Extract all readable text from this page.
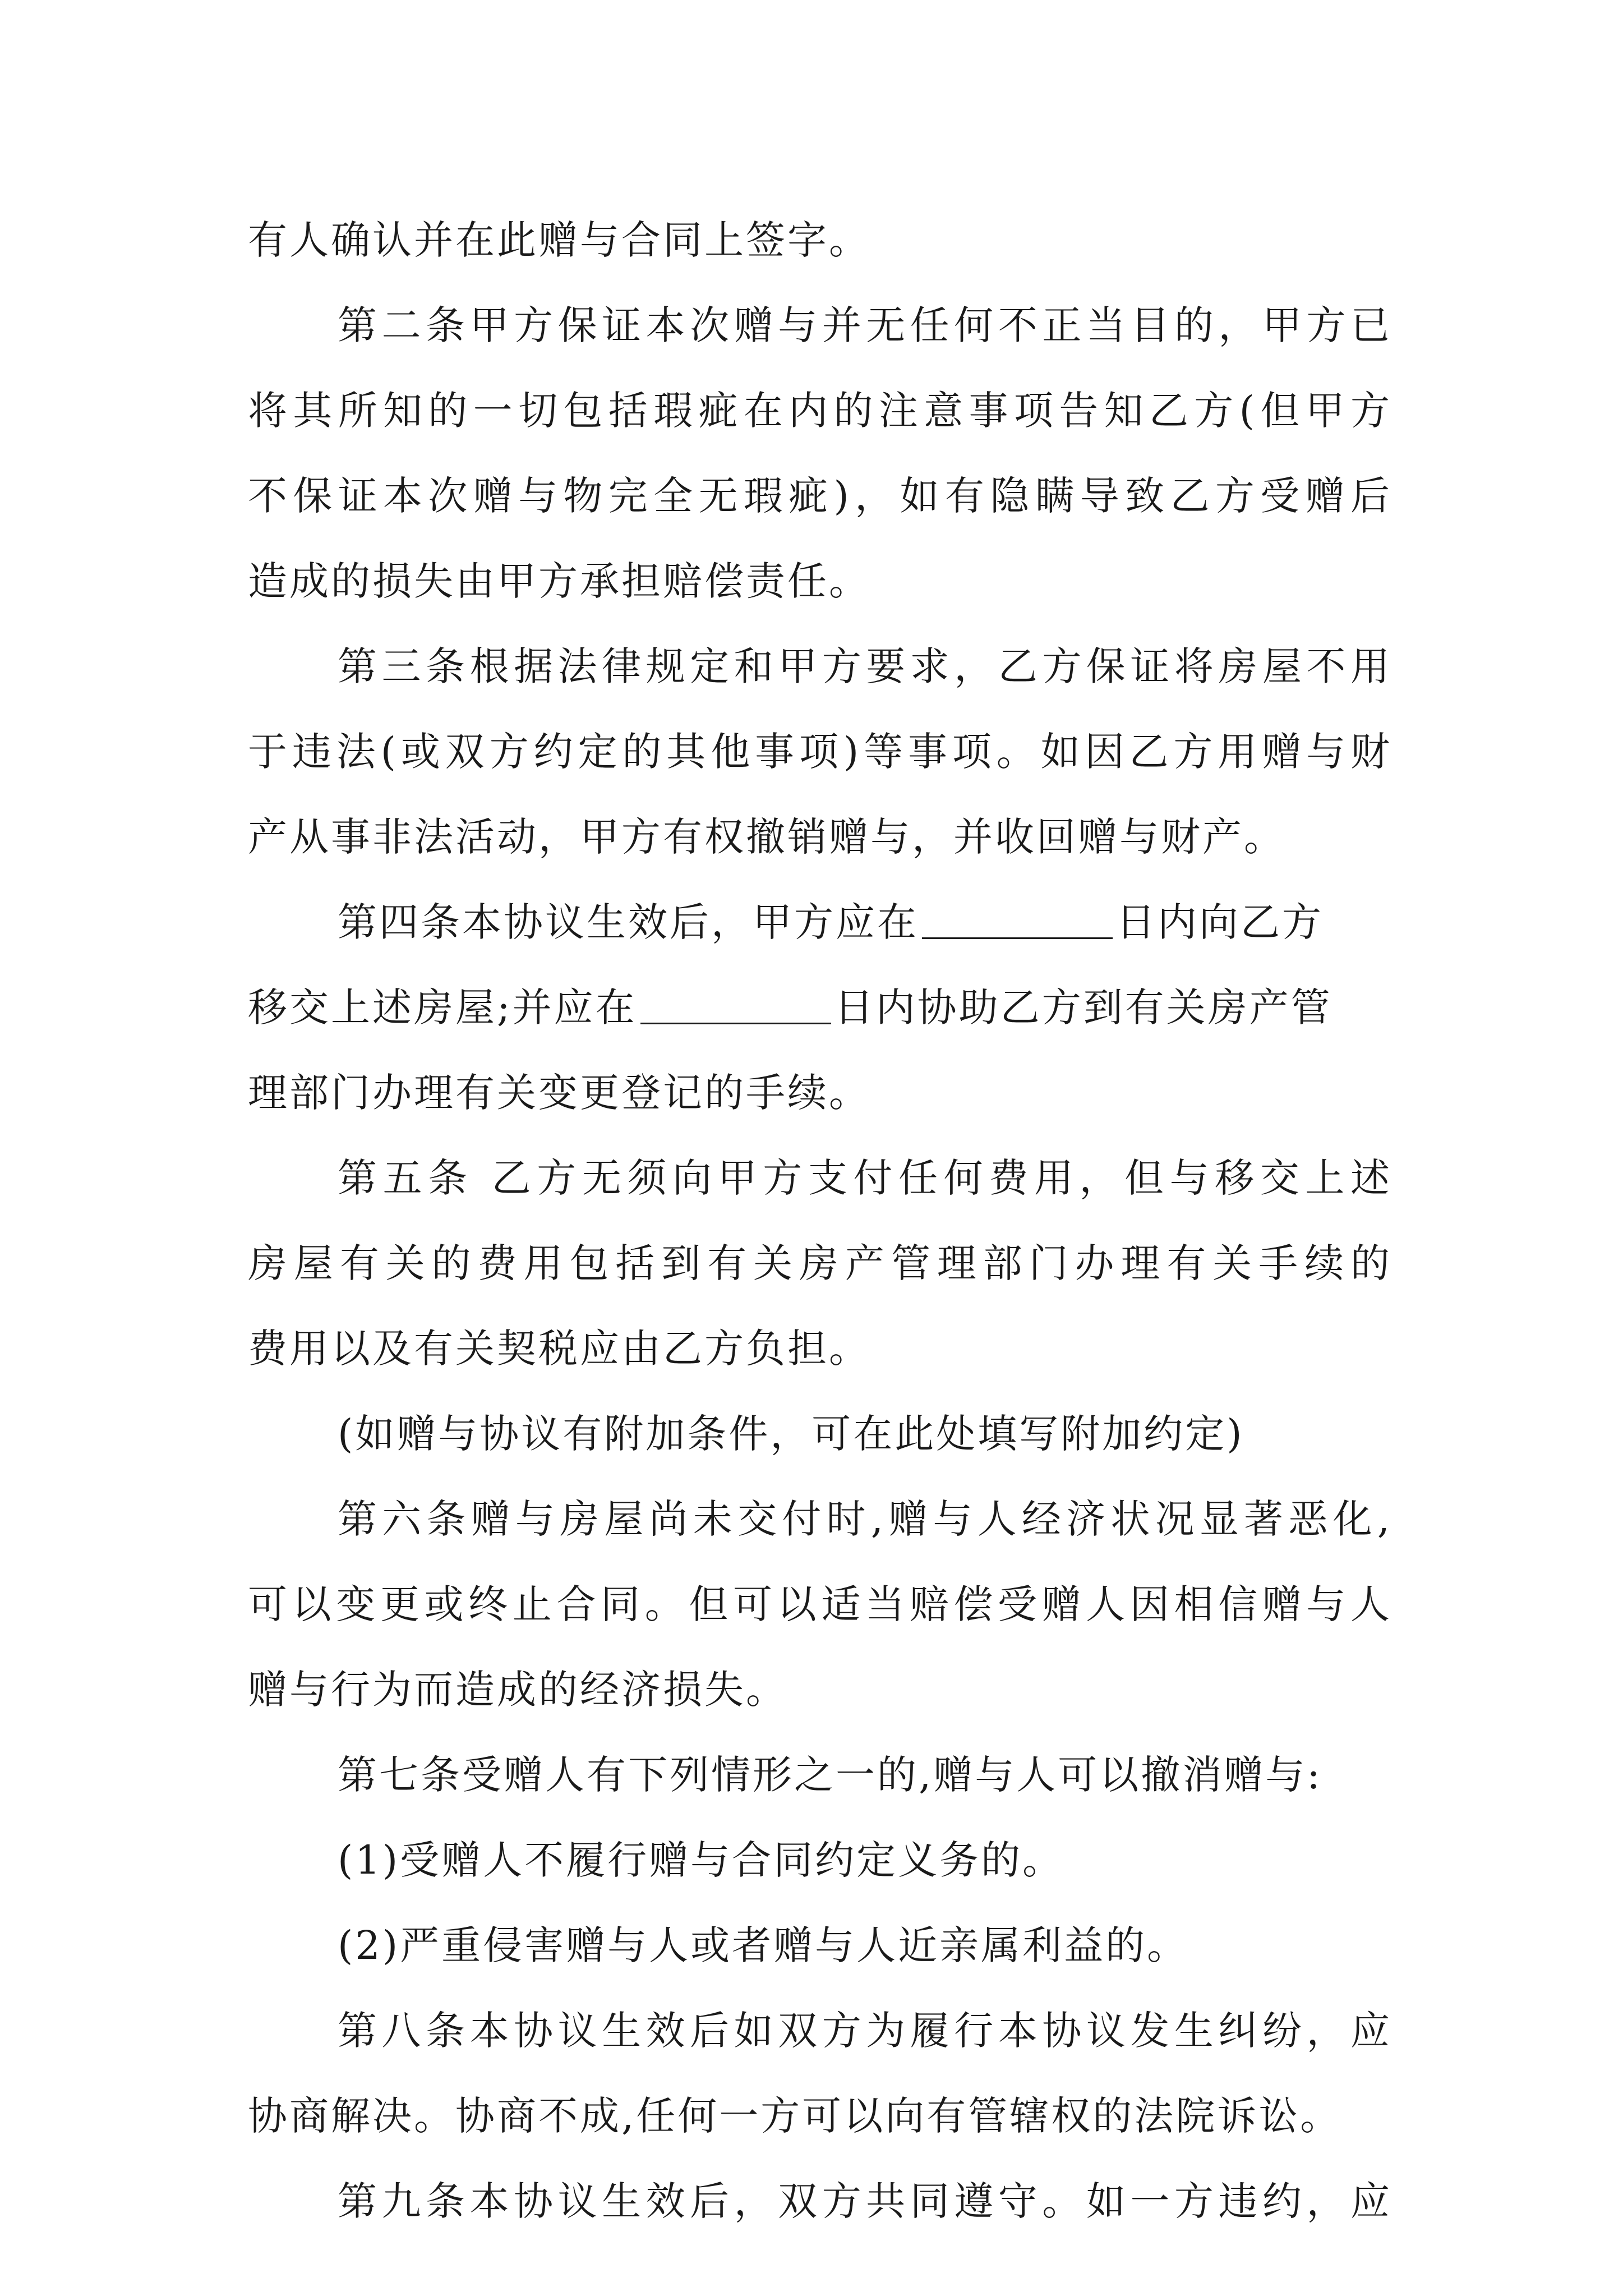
有人确认并在此赠与合同上签字。
第二条甲方保证本次赠与并无任何不正当目的，甲方已
将其所知的一切包括瑕疵在内的注意事项告知乙方(但甲方
不保证本次赠与物完全无瑕疵)，如有隐瞒导致乙方受赠后
造成的损失由甲方承担赔偿责任。
第三条根据法律规定和甲方要求，乙方保证将房屋不用
于违法(或双方约定的其他事项)等事项。如因乙方用赠与财
产从事非法活动，甲方有权撤销赠与，并收回赠与财产。
第四条本协议生效后，甲方应在	日内向乙方
移交上述房屋;并应在	日内协助乙方到有关房产管
理部门办理有关变更登记的手续。
第五条 乙方无须向甲方支付任何费用，但与移交上述
房屋有关的费用包括到有关房产管理部门办理有关手续的
费用以及有关契税应由乙方负担。
(如赠与协议有附加条件，可在此处填写附加约定)
第六条赠与房屋尚未交付时,赠与人经济状况显著恶化,
可以变更或终止合同。但可以适当赔偿受赠人因相信赠与人
赠与行为而造成的经济损失。
第七条受赠人有下列情形之一的,赠与人可以撤消赠与:
(1)受赠人不履行赠与合同约定义务的。
(2)严重侵害赠与人或者赠与人近亲属利益的。
第八条本协议生效后如双方为履行本协议发生纠纷，应
协商解决。协商不成,任何一方可以向有管辖权的法院诉讼。
第九条本协议生效后，双方共同遵守。如一方违约，应
